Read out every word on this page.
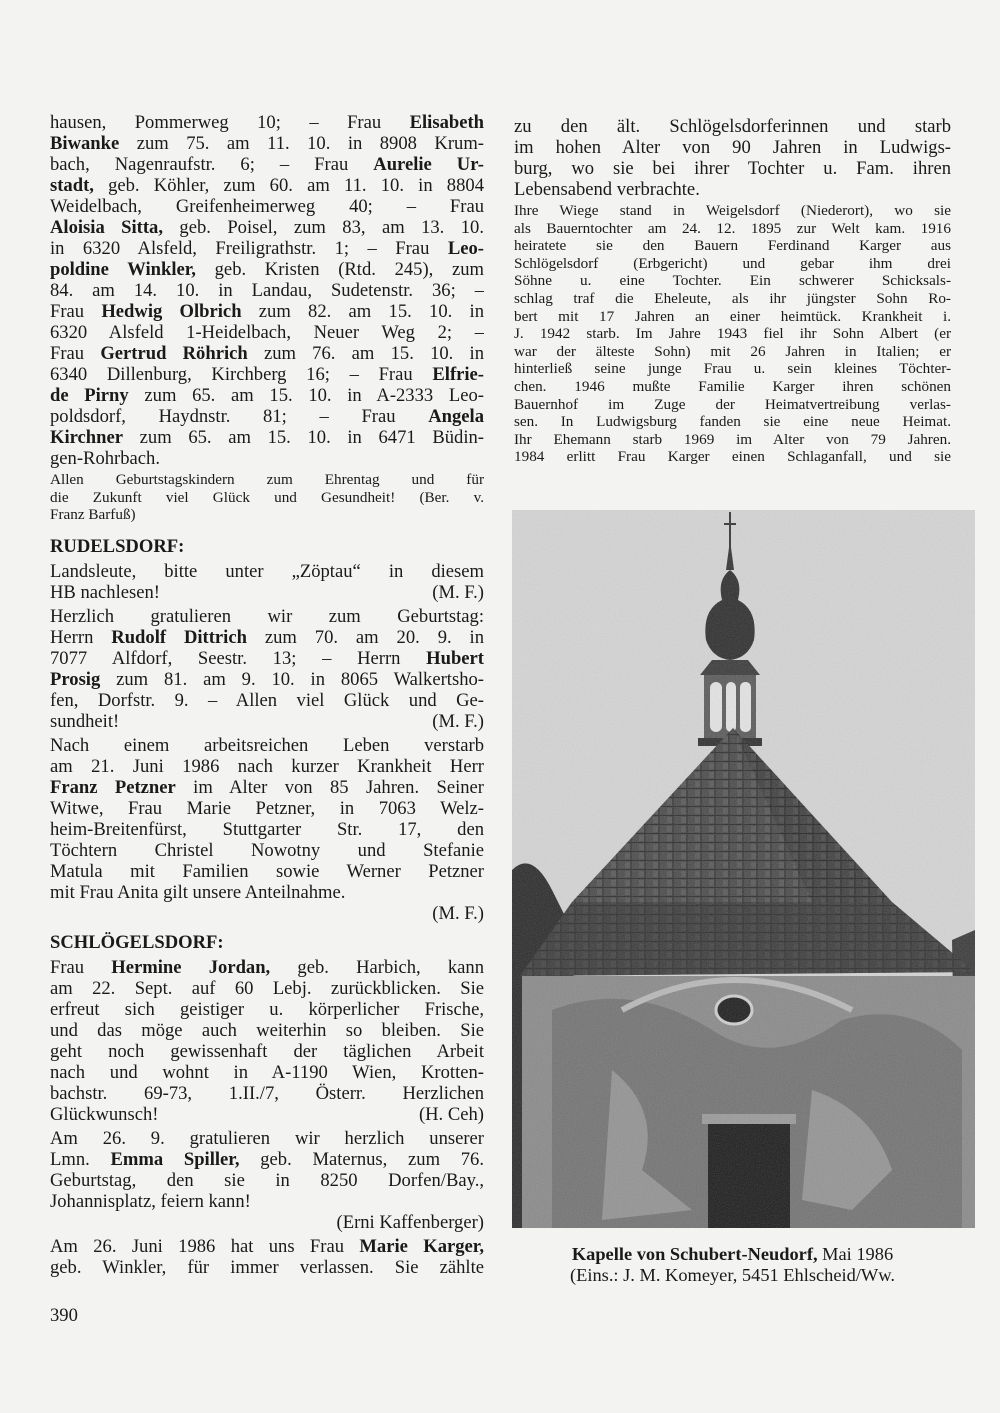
hausen, Pommerweg 10; – Frau Elisabeth
Biwanke zum 75. am 11. 10. in 8908 Krum-
bach, Nagenraufstr. 6; – Frau Aurelie Ur-
stadt, geb. Köhler, zum 60. am 11. 10. in 8804
Weidelbach, Greifenheimerweg 40; – Frau
Aloisia Sitta, geb. Poisel, zum 83, am 13. 10.
in 6320 Alsfeld, Freiligrathstr. 1; – Frau Leo-
poldine Winkler, geb. Kristen (Rtd. 245), zum
84. am 14. 10. in Landau, Sudetenstr. 36; –
Frau Hedwig Olbrich zum 82. am 15. 10. in
6320 Alsfeld 1-Heidelbach, Neuer Weg 2; –
Frau Gertrud Röhrich zum 76. am 15. 10. in
6340 Dillenburg, Kirchberg 16; – Frau Elfrie-
de Pirny zum 65. am 15. 10. in A-2333 Leo-
poldsdorf, Haydnstr. 81; – Frau Angela
Kirchner zum 65. am 15. 10. in 6471 Büdin-
gen-Rohrbach.
Allen Geburtstagskindern zum Ehrentag und für
die Zukunft viel Glück und Gesundheit! (Ber. v.
Franz Barfuß)
RUDELSDORF:
Landsleute, bitte unter „Zöptau“ in diesem
HB nachlesen!	(M. F.)
Herzlich gratulieren wir zum Geburtstag:
Herrn Rudolf Dittrich zum 70. am 20. 9. in
7077 Alfdorf, Seestr. 13; – Herrn Hubert
Prosig zum 81. am 9. 10. in 8065 Walkertsho-
fen, Dorfstr. 9. – Allen viel Glück und Ge-
sundheit!	(M. F.)
Nach einem arbeitsreichen Leben verstarb
am 21. Juni 1986 nach kurzer Krankheit Herr
Franz Petzner im Alter von 85 Jahren. Seiner
Witwe, Frau Marie Petzner, in 7063 Welz-
heim-Breitenfürst, Stuttgarter Str. 17, den
Töchtern Christel Nowotny und Stefanie
Matula mit Familien sowie Werner Petzner
mit Frau Anita gilt unsere Anteilnahme.
(M. F.)
SCHLÖGELSDORF:
Frau Hermine Jordan, geb. Harbich, kann
am 22. Sept. auf 60 Lebj. zurückblicken. Sie
erfreut sich geistiger u. körperlicher Frische,
und das möge auch weiterhin so bleiben. Sie
geht noch gewissenhaft der täglichen Arbeit
nach und wohnt in A-1190 Wien, Krotten-
bachstr. 69-73, 1.II./7, Österr. Herzlichen
Glückwunsch!	(H. Ceh)
Am 26. 9. gratulieren wir herzlich unserer
Lmn. Emma Spiller, geb. Maternus, zum 76.
Geburtstag, den sie in 8250 Dorfen/Bay.,
Johannisplatz, feiern kann!
(Erni Kaffenberger)
Am 26. Juni 1986 hat uns Frau Marie Karger,
geb. Winkler, für immer verlassen. Sie zählte
zu den ält. Schlögelsdorferinnen und starb
im hohen Alter von 90 Jahren in Ludwigs-
burg, wo sie bei ihrer Tochter u. Fam. ihren
Lebensabend verbrachte.
Ihre Wiege stand in Weigelsdorf (Niederort), wo sie
als Bauerntochter am 24. 12. 1895 zur Welt kam. 1916
heiratete sie den Bauern Ferdinand Karger aus
Schlögelsdorf (Erbgericht) und gebar ihm drei
Söhne u. eine Tochter. Ein schwerer Schicksals-
schlag traf die Eheleute, als ihr jüngster Sohn Ro-
bert mit 17 Jahren an einer heimtück. Krankheit i.
J. 1942 starb. Im Jahre 1943 fiel ihr Sohn Albert (er
war der älteste Sohn) mit 26 Jahren in Italien; er
hinterließ seine junge Frau u. sein kleines Töchter-
chen. 1946 mußte Familie Karger ihren schönen
Bauernhof im Zuge der Heimatvertreibung verlas-
sen. In Ludwigsburg fanden sie eine neue Heimat.
Ihr Ehemann starb 1969 im Alter von 79 Jahren.
1984 erlitt Frau Karger einen Schlaganfall, und sie
Kapelle von Schubert-Neudorf, Mai 1986
(Eins.: J. M. Komeyer, 5451 Ehlscheid/Ww.
390
